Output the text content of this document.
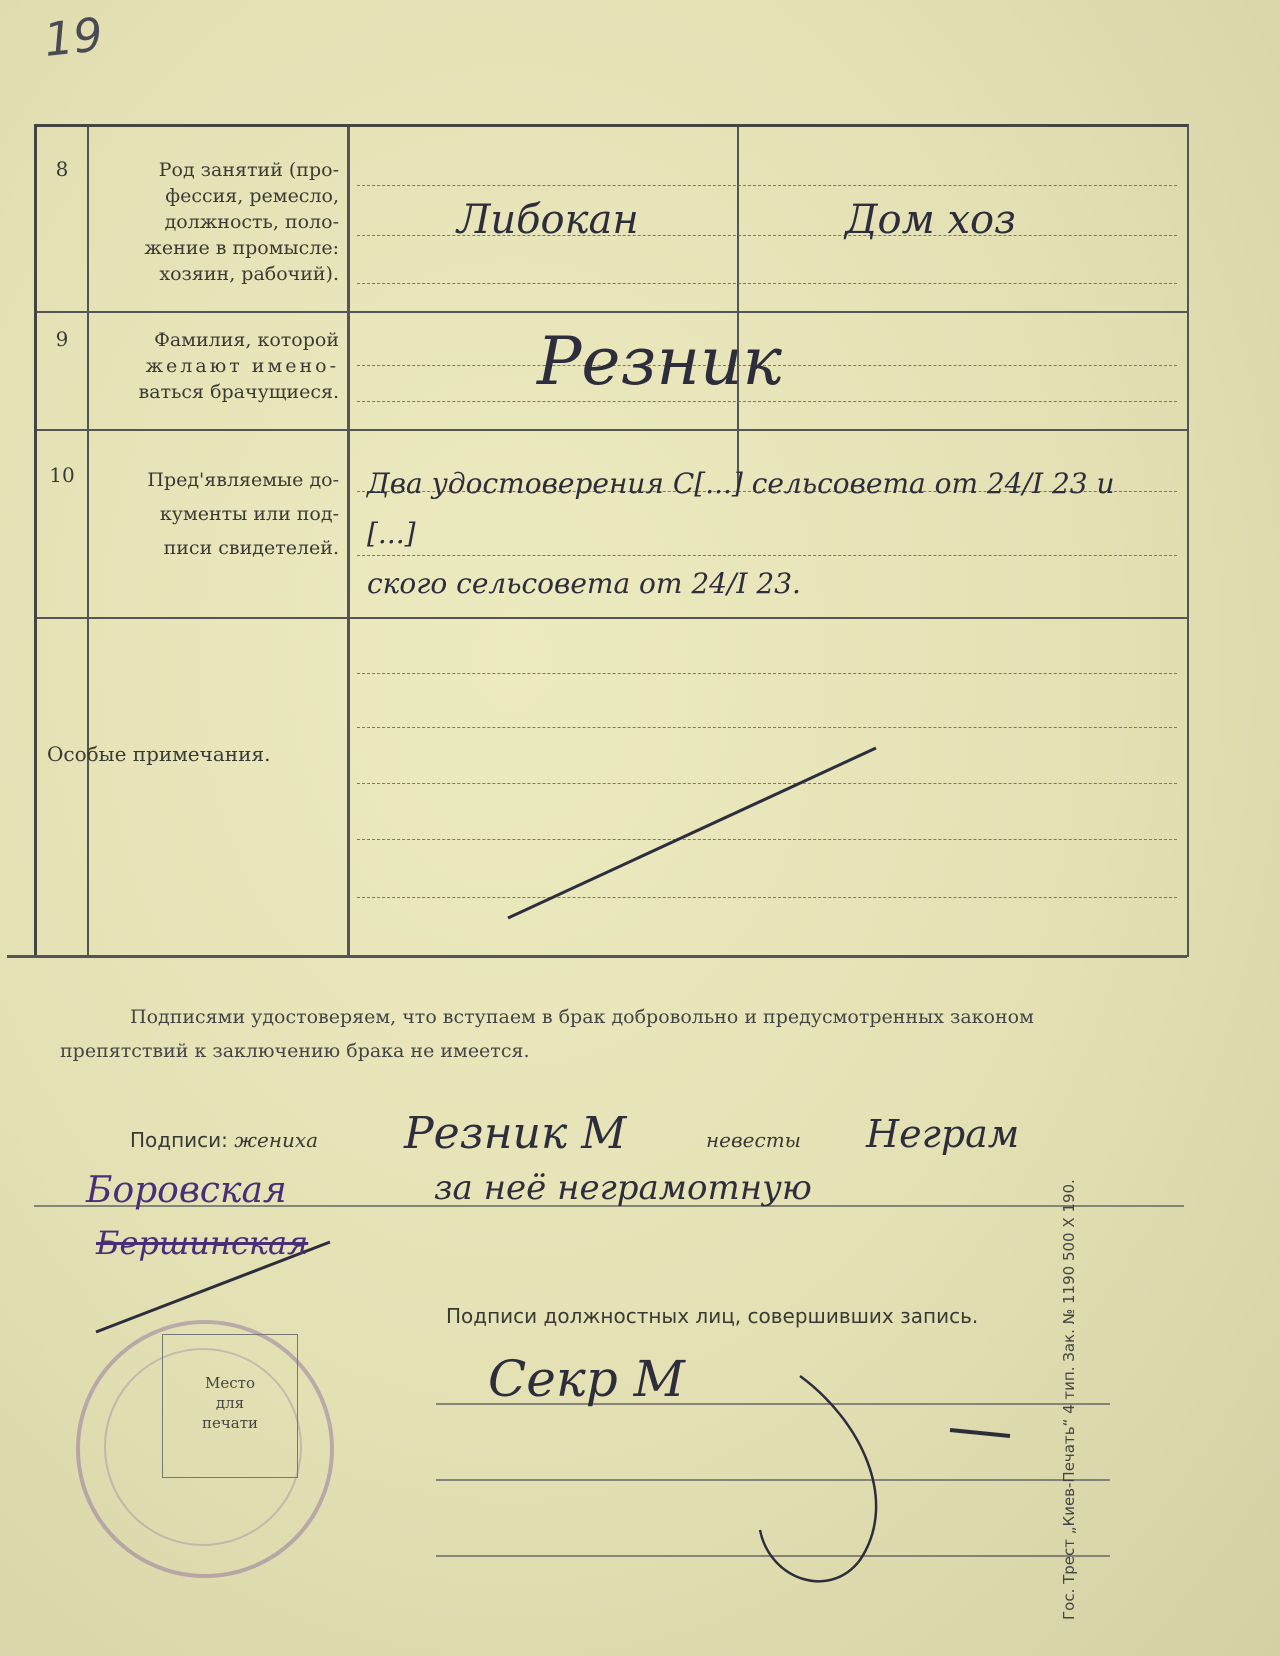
19
8	Род занятий (про-
фессия, ремесло,
должность, поло-
жение в промысле:
хозяин, рабочий).
Либокан	Дом хоз
9	Фамилия, которой
желают имено-
ваться брачущиеся.	Резник
10	Пред'являемые до-
кументы или под-
писи свидетелей.
Два удостоверения С[...] сельсовета от 24/I 23 и [...]
ского сельсовета от 24/I 23.
Особые примечания.
Подписями удостоверяем, что вступаем в брак добровольно и предусмотренных законом препятствий к заключению брака не имеется.
Подписи: жениха Резник М	невесты Неграм
за неё неграмотную
Боровская
Бершинская
Подписи должностных лиц, совершивших запись.
Секр М
Место
для
печати	Гос. Трест „Киев-Печать“ 4 тип. Зак. № 1190 500 X 190.
